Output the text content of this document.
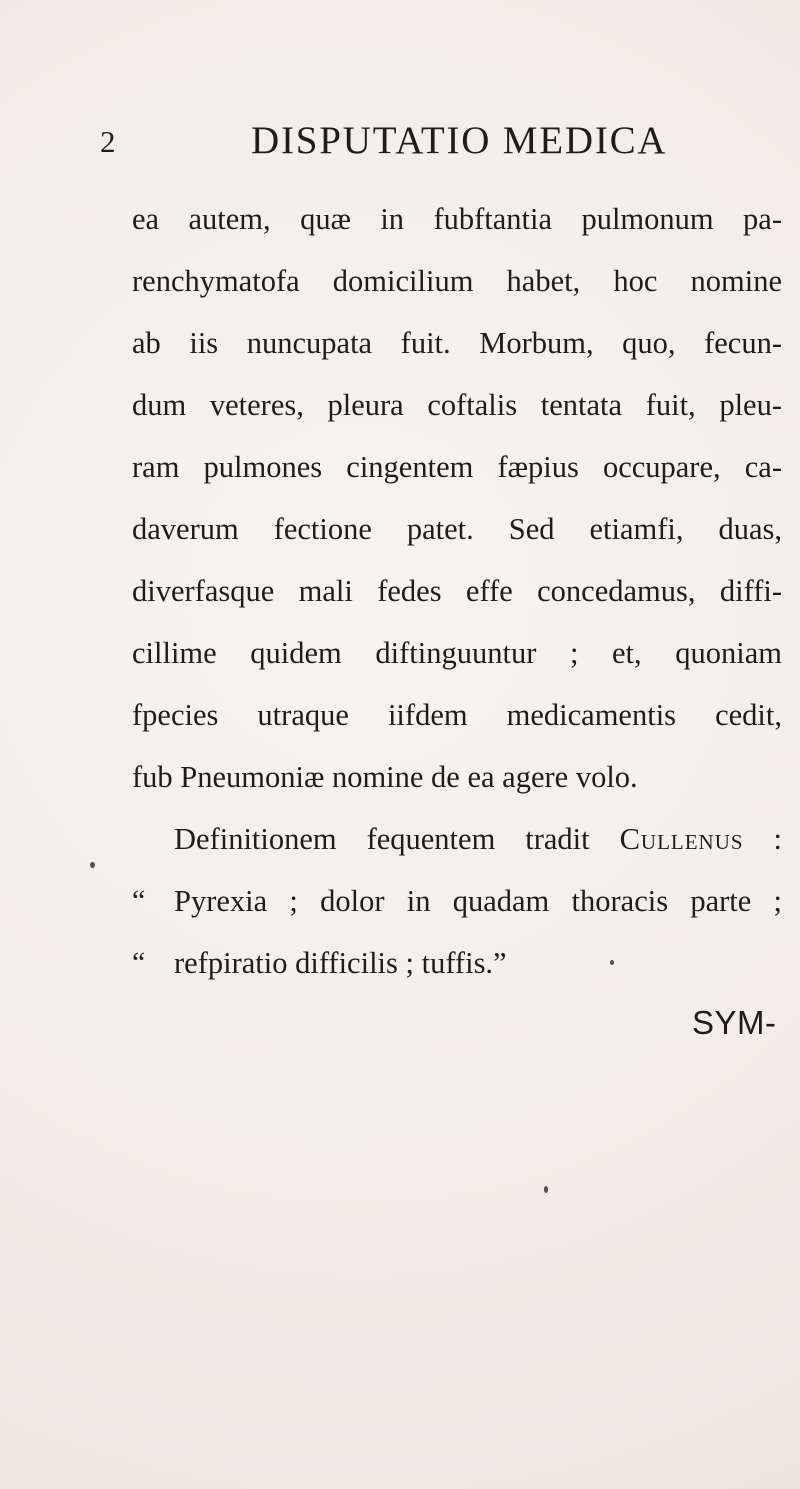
2	DISPUTATIO MEDICA
ea autem, quæ in fubftantia pulmonum pa-
renchymatofa domicilium habet, hoc nomine
ab iis nuncupata fuit. Morbum, quo, fecun-
dum veteres, pleura coftalis tentata fuit, pleu-
ram pulmones cingentem fæpius occupare, ca-
daverum fectione patet. Sed etiamfi, duas,
diverfasque mali fedes effe concedamus, diffi-
cillime quidem diftinguuntur ; et, quoniam
fpecies utraque iifdem medicamentis cedit,
fub Pneumoniæ nomine de ea agere volo.
Definitionem fequentem tradit Cullenus :
“ Pyrexia ; dolor in quadam thoracis parte ;
“ refpiratio difficilis ; tuffis.”
SYM-
